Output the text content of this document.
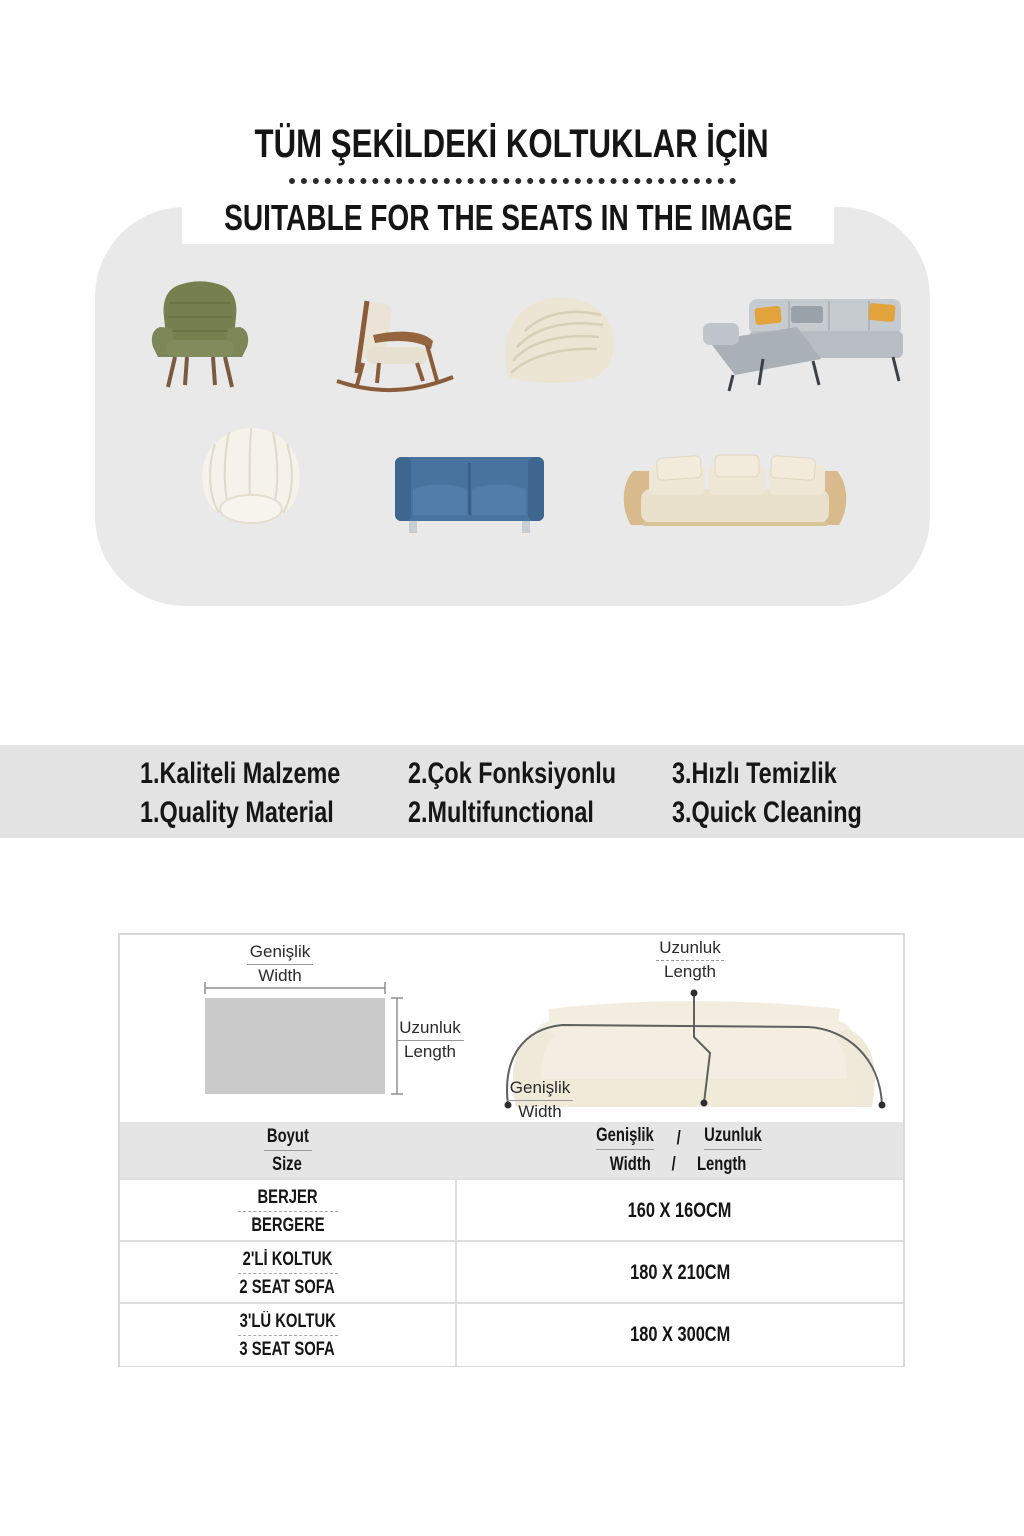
TÜM ŞEKİLDEKİ KOLTUKLAR İÇİN
SUITABLE FOR THE SEATS IN THE IMAGE
1.Kaliteli Malzeme
1.Quality Material
2.Çok Fonksiyonlu
2.Multifunctional
3.Hızlı Temizlik
3.Quick Cleaning
Genişlik
Width
Uzunluk
Length
Uzunluk
Length
Genişlik
Width
Boyut
Size
Genişlik / Uzunluk
Width / Length
BERJER
BERGERE
160 X 16OCM
2'Lİ KOLTUK
2 SEAT SOFA
180 X 210CM
3'LÜ KOLTUK
3 SEAT SOFA
180 X 300CM
